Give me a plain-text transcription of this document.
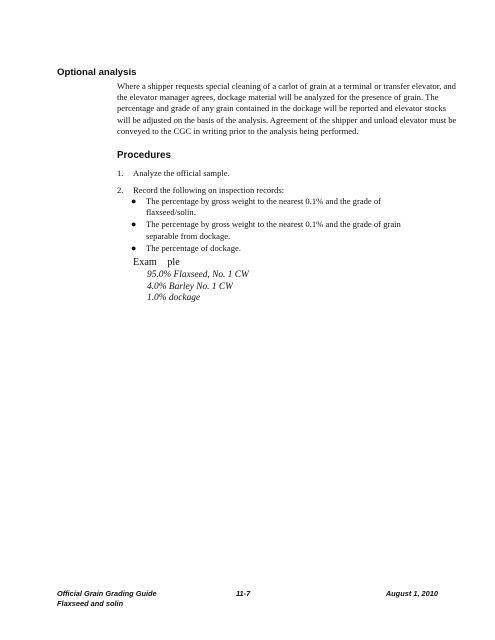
Optional analysis

Where a shipper requests special cleaning of a carlot of grain at a terminal or transfer elevator, and the elevator manager agrees, dockage material will be analyzed for the presence of grain. The percentage and grade of any grain contained in the dockage will be reported and elevator stocks will be adjusted on the basis of the analysis. Agreement of the shipper and unload elevator must be conveyed to the CGC in writing prior to the analysis being performed.

Procedures
1.	Analyze the official sample.
2.	Record the following on inspection records:
●	The percentage by gross weight to the nearest 0.1% and the grade of flaxseed/solin.
●	The percentage by gross weight to the nearest 0.1% and the grade of grain separable from dockage.
●	The percentage of dockage.
Exam ple
95.0% Flaxseed, No. 1 CW
4.0% Barley No. 1 CW
1.0% dockage
Official Grain Grading Guide
Flaxseed and solin
11-7	August 1, 2010
